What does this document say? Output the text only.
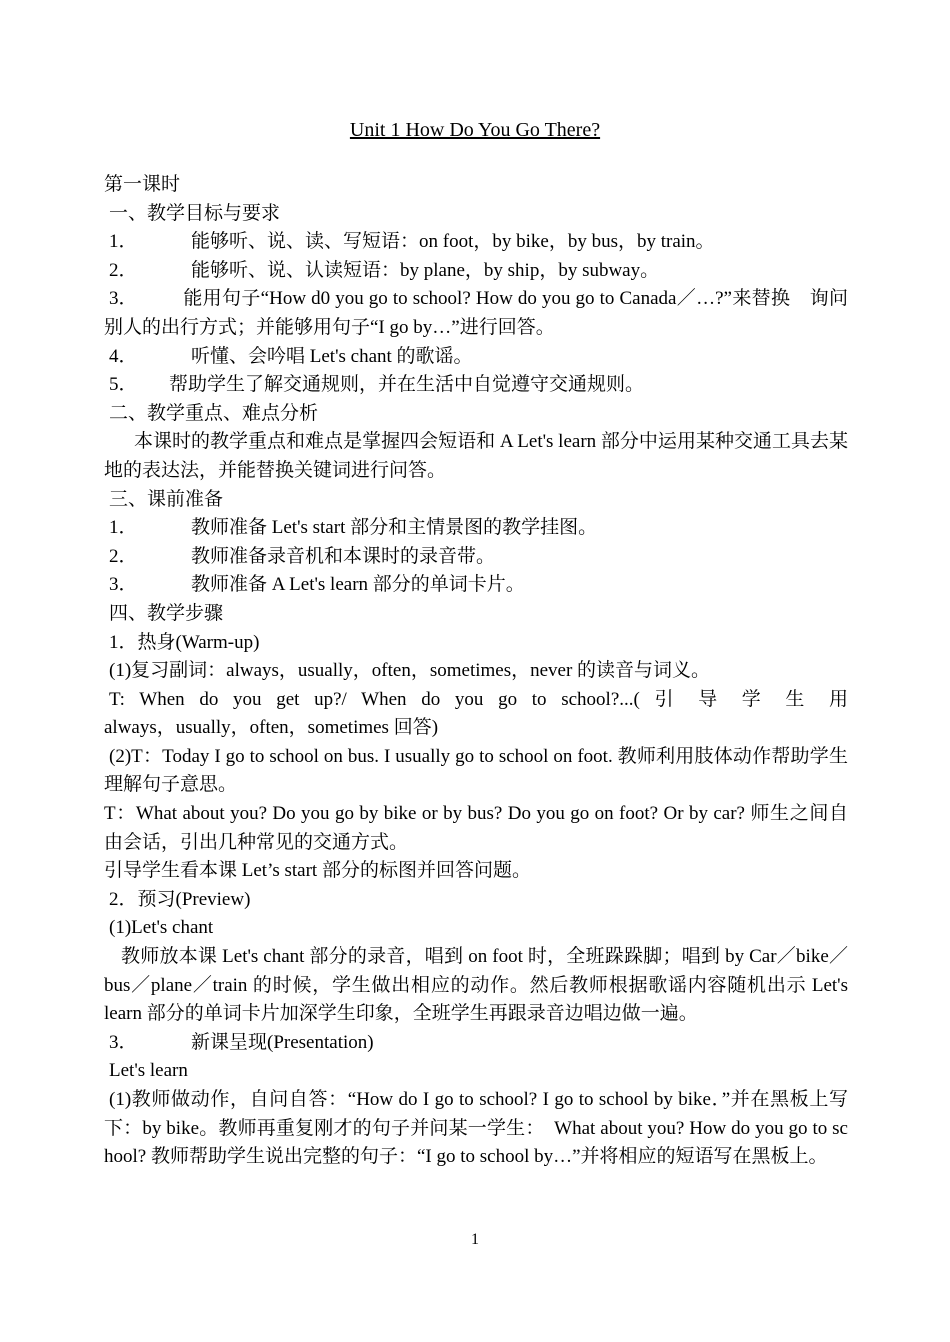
Unit 1 How Do You Go There?

第一课时

一、教学目标与要求

1．	能够听、说、读、写短语：on foot，by bike，by bus，by train。

2．	能够听、说、认读短语：by plane，by ship，by subway。

3． 能用句子“How d0 you go to school? How do you go to Canada／…?”来替换　询问别人的出行方式；并能够用句子“I go by…”进行回答。

4．	听懂、会吟唱 Let's chant 的歌谣。

5． 帮助学生了解交通规则，并在生活中自觉遵守交通规则。

二、教学重点、难点分析

本课时的教学重点和难点是掌握四会短语和 A Let's learn 部分中运用某种交通工具去某地的表达法，并能替换关键词进行问答。

三、课前准备

1．	教师准备 Let's start 部分和主情景图的教学挂图。

2．	教师准备录音机和本课时的录音带。

3．	教师准备 A Let's learn 部分的单词卡片。

四、教学步骤

1．热身(Warm-up)

(1)复习副词：always，usually，often，sometimes，never 的读音与词义。

T: When do you get up?/ When do you go to school?...( 引 导 学 生 用

always，usually，often，sometimes 回答)

(2)T：Today I go to school on bus. I usually go to school on foot. 教师利用肢体动作帮助学生理解句子意思。

T：What about you? Do you go by bike or by bus? Do you go on foot? Or by car? 师生之间自由会话，引出几种常见的交通方式。

引导学生看本课 Let’s start 部分的标图并回答问题。

2．预习(Preview)

(1)Let's chant

教师放本课 Let's chant 部分的录音，唱到 on foot 时，全班跺跺脚；唱到 by Car／bike／bus／plane／train 的时候，学生做出相应的动作。然后教师根据歌谣内容随机出示 Let's learn 部分的单词卡片加深学生印象，全班学生再跟录音边唱边做一遍。

3．	新课呈现(Presentation)

Let's learn

(1)教师做动作，自问自答：“How do I go to school? I go to school by bike．”并在黑板上写下：by bike。教师再重复刚才的句子并问某一学生：　What about you? How do you go to school? 教师帮助学生说出完整的句子：“I go to school by…”并将相应的短语写在黑板上。

1
